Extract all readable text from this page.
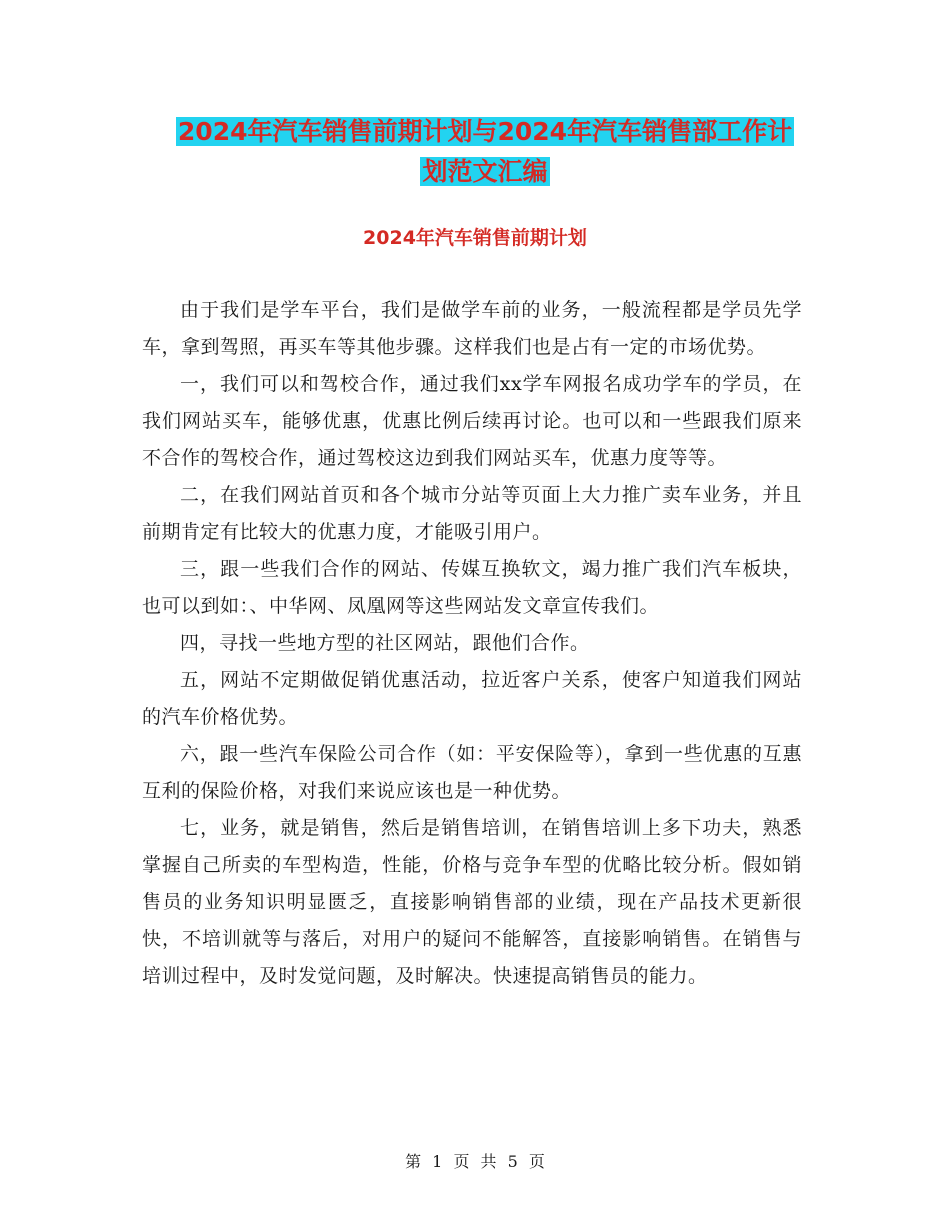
2024年汽车销售前期计划与2024年汽车销售部工作计
划范文汇编
2024年汽车销售前期计划

由于我们是学车平台，我们是做学车前的业务，一般流程都是学员先学车，拿到驾照，再买车等其他步骤。这样我们也是占有一定的市场优势。

一，我们可以和驾校合作，通过我们xx学车网报名成功学车的学员，在我们网站买车，能够优惠，优惠比例后续再讨论。也可以和一些跟我们原来不合作的驾校合作，通过驾校这边到我们网站买车，优惠力度等等。

二，在我们网站首页和各个城市分站等页面上大力推广卖车业务，并且前期肯定有比较大的优惠力度，才能吸引用户。

三，跟一些我们合作的网站、传媒互换软文，竭力推广我们汽车板块，也可以到如：、中华网、凤凰网等这些网站发文章宣传我们。

四，寻找一些地方型的社区网站，跟他们合作。

五，网站不定期做促销优惠活动，拉近客户关系，使客户知道我们网站的汽车价格优势。

六，跟一些汽车保险公司合作（如：平安保险等），拿到一些优惠的互惠互利的保险价格，对我们来说应该也是一种优势。

七，业务，就是销售，然后是销售培训，在销售培训上多下功夫，熟悉掌握自己所卖的车型构造，性能，价格与竞争车型的优略比较分析。假如销售员的业务知识明显匮乏，直接影响销售部的业绩，现在产品技术更新很快，不培训就等与落后，对用户的疑问不能解答，直接影响销售。在销售与培训过程中，及时发觉问题，及时解决。快速提高销售员的能力。

第 1 页 共 5 页
